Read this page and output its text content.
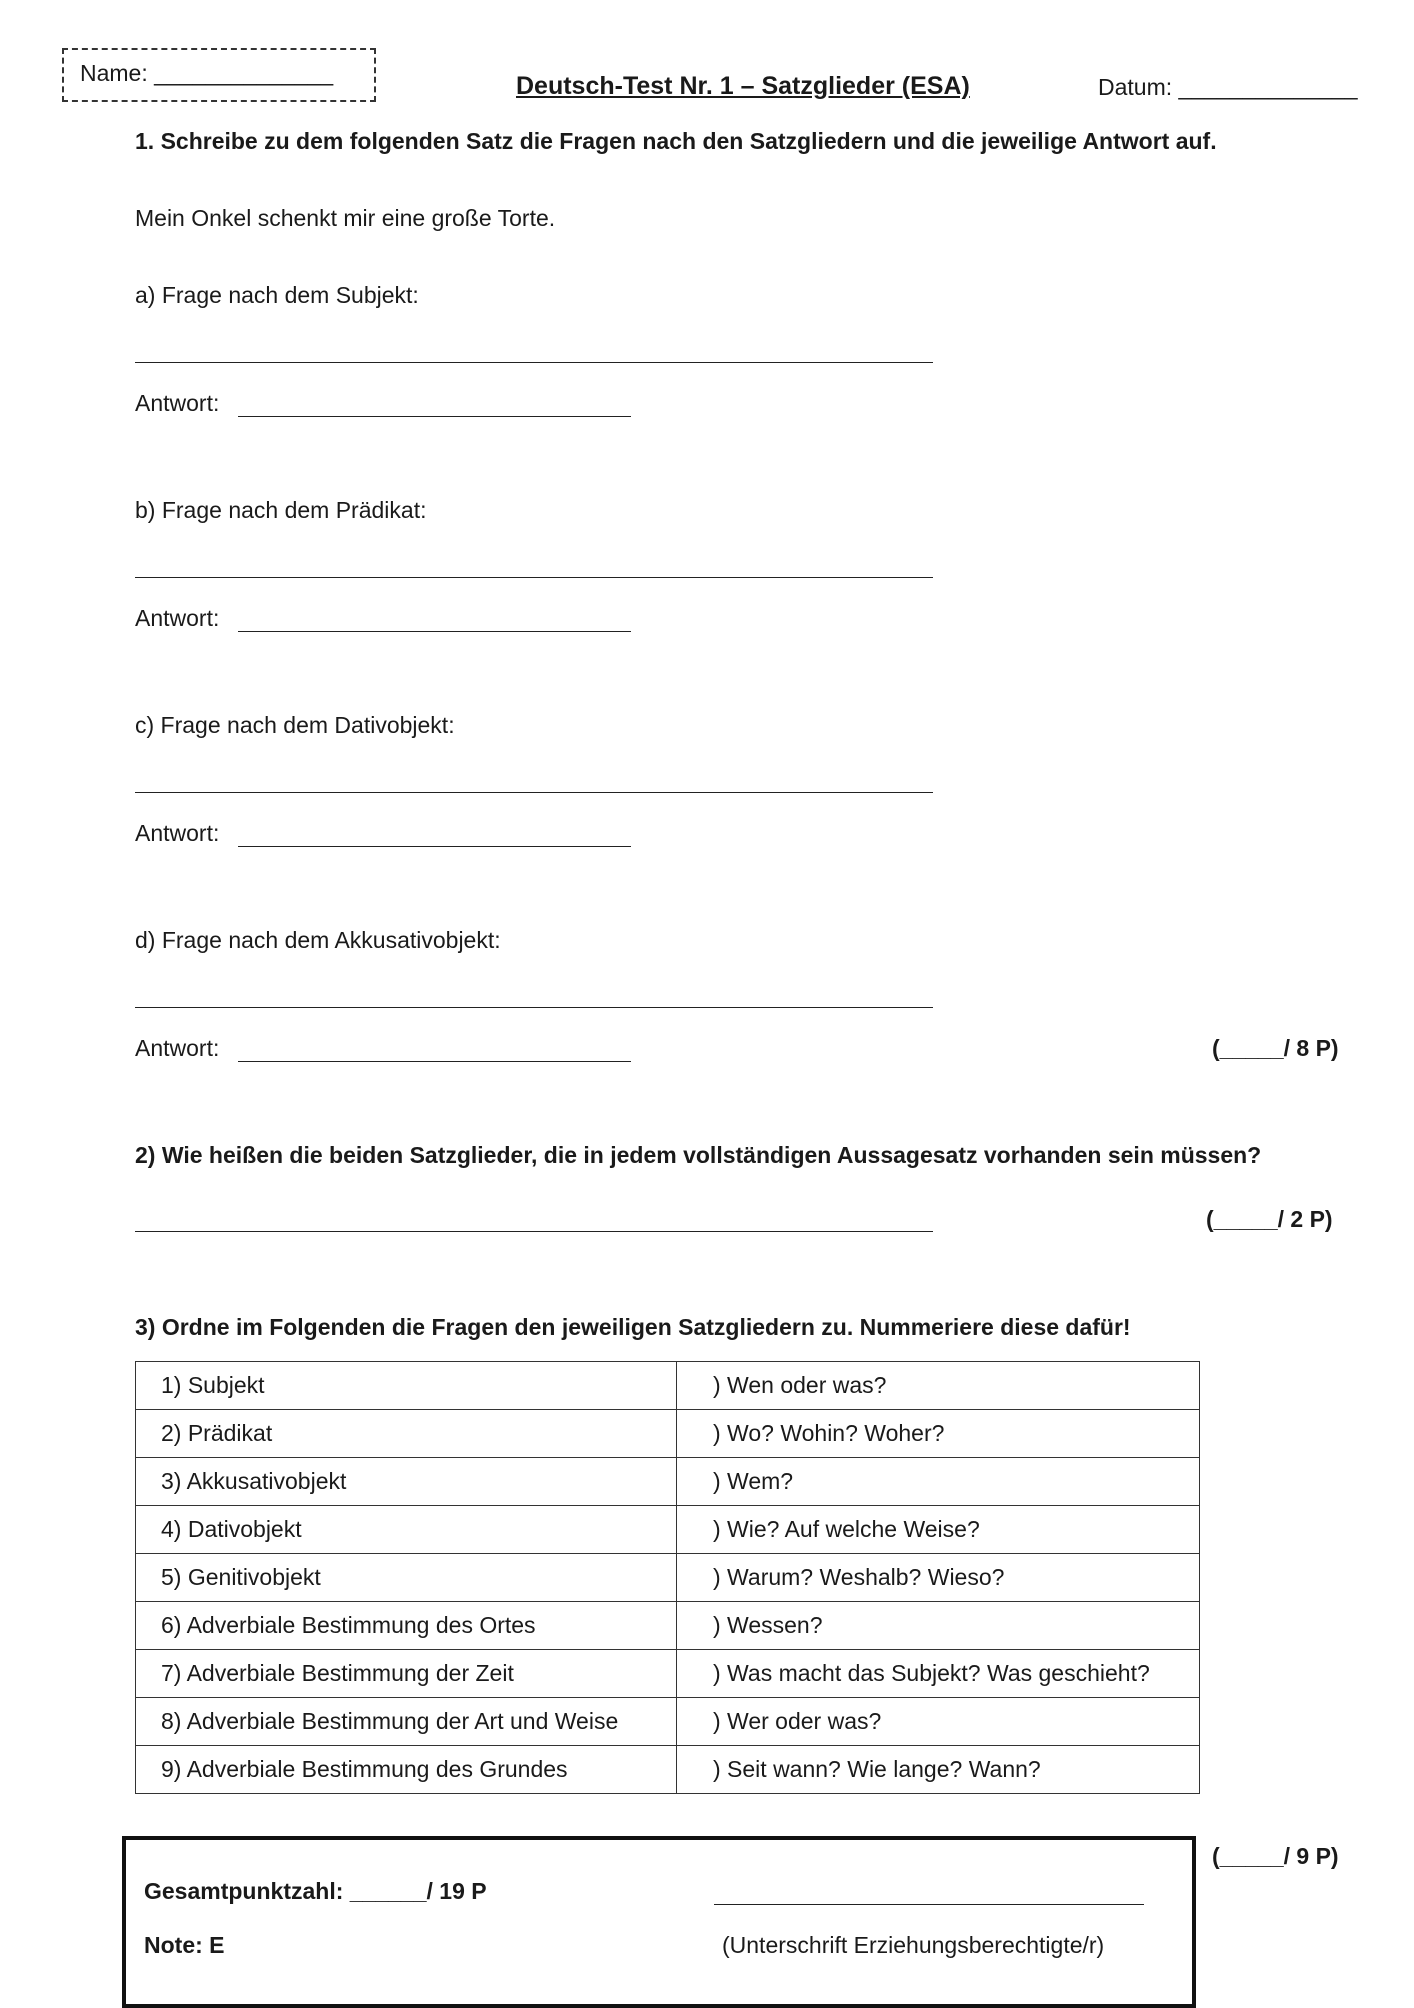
Name: ______________	Deutsch-Test Nr. 1 – Satzglieder (ESA)	Datum: ______________
1. Schreibe zu dem folgenden Satz die Fragen nach den Satzgliedern und die jeweilige Antwort auf.
Mein Onkel schenkt mir eine große Torte.
a) Frage nach dem Subjekt:
Antwort:
b) Frage nach dem Prädikat:
Antwort:
c) Frage nach dem Dativobjekt:
Antwort:
d) Frage nach dem Akkusativobjekt:
Antwort:	(_____/ 8 P)
2) Wie heißen die beiden Satzglieder, die in jedem vollständigen Aussagesatz vorhanden sein müssen?
(_____/ 2 P)
3) Ordne im Folgenden die Fragen den jeweiligen Satzgliedern zu. Nummeriere diese dafür!
1) Subjekt	) Wen oder was?
2) Prädikat	) Wo? Wohin? Woher?
3) Akkusativobjekt	) Wem?
4) Dativobjekt	) Wie? Auf welche Weise?
5) Genitivobjekt	) Warum? Weshalb? Wieso?
6) Adverbiale Bestimmung des Ortes	) Wessen?
7) Adverbiale Bestimmung der Zeit	) Was macht das Subjekt? Was geschieht?
8) Adverbiale Bestimmung der Art und Weise	) Wer oder was?
9) Adverbiale Bestimmung des Grundes	) Seit wann? Wie lange? Wann?
(_____/ 9 P)
Gesamtpunktzahl: ______/ 19 P
Note: E	(Unterschrift Erziehungsberechtigte/r)
